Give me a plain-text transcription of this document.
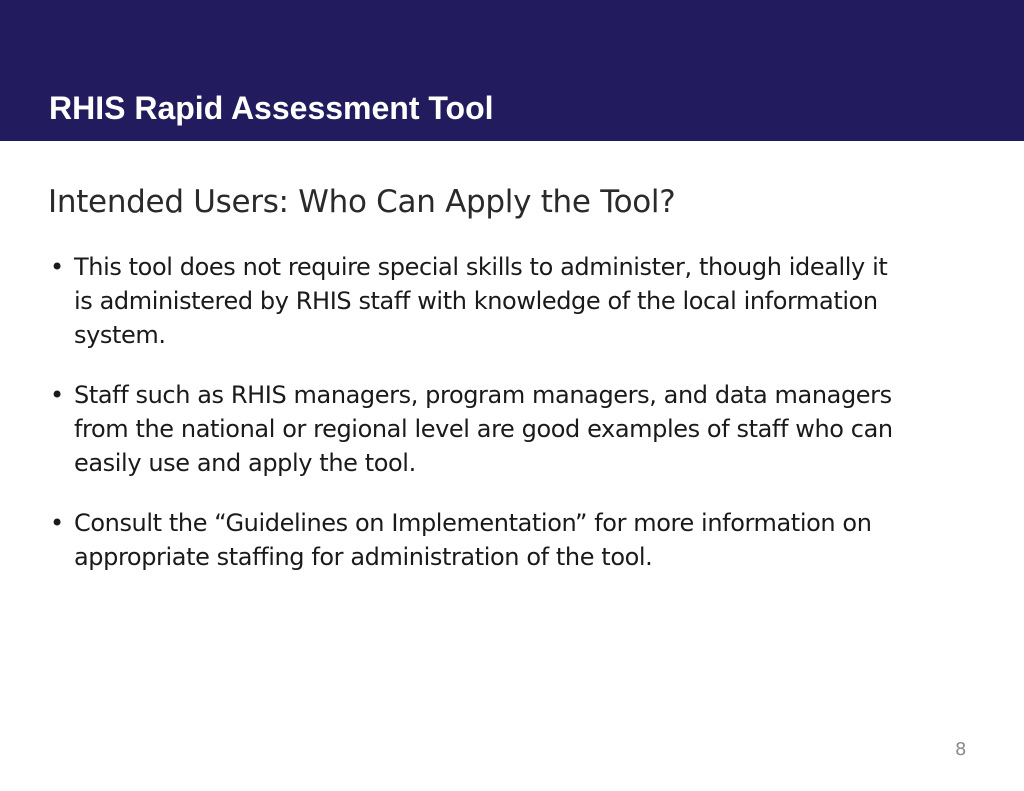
RHIS Rapid Assessment Tool
Intended Users: Who Can Apply the Tool?
• This tool does not require special skills to administer, though ideally it is administered by RHIS staff with knowledge of the local information system.
• Staff such as RHIS managers, program managers, and data managers from the national or regional level are good examples of staff who can easily use and apply the tool.
• Consult the “Guidelines on Implementation” for more information on appropriate staffing for administration of the tool.
8
